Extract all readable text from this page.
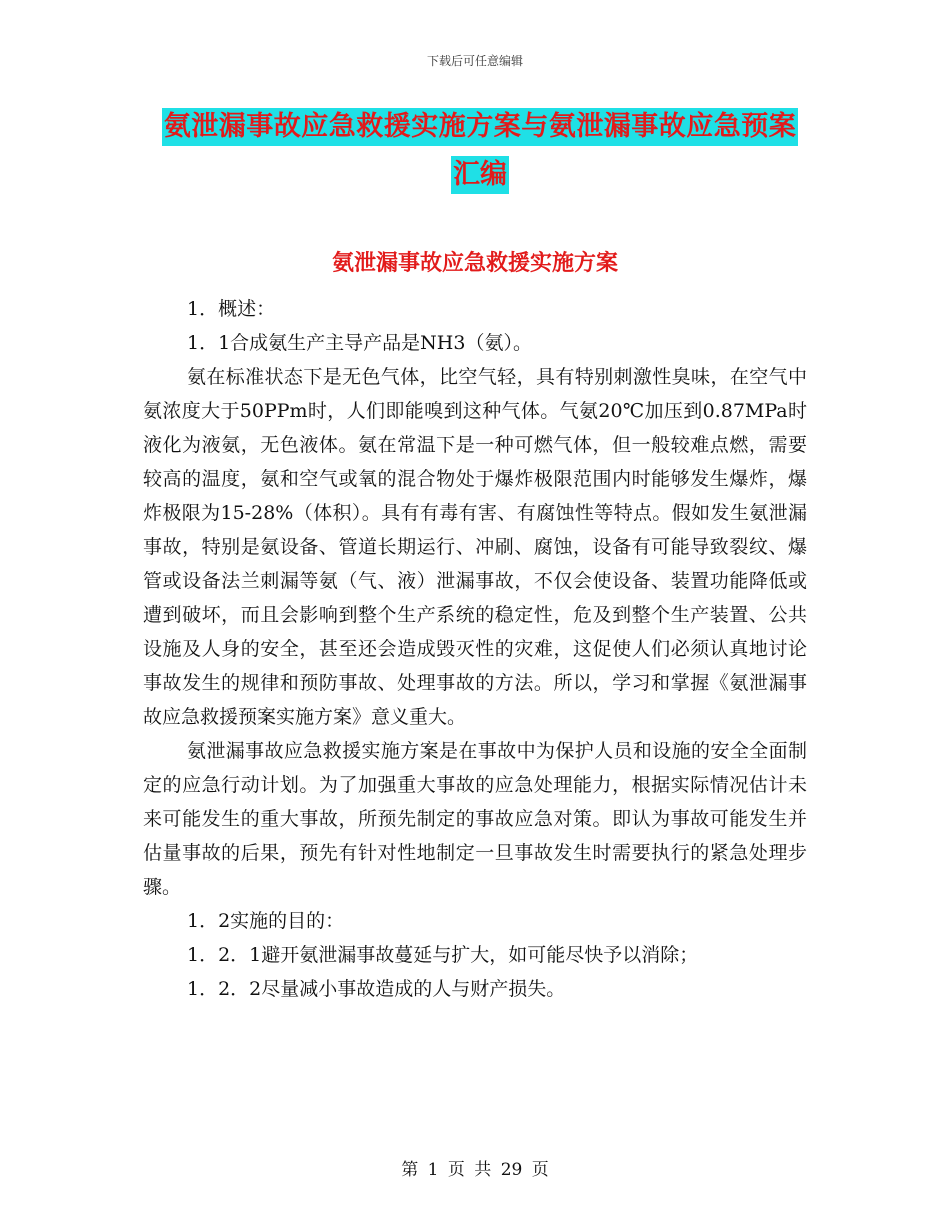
下载后可任意编辑
氨泄漏事故应急救援实施方案与氨泄漏事故应急预案
汇编
氨泄漏事故应急救援实施方案

1．概述：

1．1合成氨生产主导产品是NH3（氨）。

氨在标准状态下是无色气体，比空气轻，具有特别刺激性臭味，在空气中氨浓度大于50PPm时，人们即能嗅到这种气体。气氨20℃加压到0.87MPa时液化为液氨，无色液体。氨在常温下是一种可燃气体，但一般较难点燃，需要较高的温度，氨和空气或氧的混合物处于爆炸极限范围内时能够发生爆炸，爆炸极限为15-28%（体积）。具有有毒有害、有腐蚀性等特点。假如发生氨泄漏事故，特别是氨设备、管道长期运行、冲刷、腐蚀，设备有可能导致裂纹、爆管或设备法兰刺漏等氨（气、液）泄漏事故，不仅会使设备、装置功能降低或遭到破坏，而且会影响到整个生产系统的稳定性，危及到整个生产装置、公共设施及人身的安全，甚至还会造成毁灭性的灾难，这促使人们必须认真地讨论事故发生的规律和预防事故、处理事故的方法。所以，学习和掌握《氨泄漏事故应急救援预案实施方案》意义重大。

氨泄漏事故应急救援实施方案是在事故中为保护人员和设施的安全全面制定的应急行动计划。为了加强重大事故的应急处理能力，根据实际情况估计未来可能发生的重大事故，所预先制定的事故应急对策。即认为事故可能发生并估量事故的后果，预先有针对性地制定一旦事故发生时需要执行的紧急处理步骤。

1．2实施的目的：

1．2．1避开氨泄漏事故蔓延与扩大，如可能尽快予以消除；

1．2．2尽量减小事故造成的人与财产损失。

第 1 页 共 29 页
